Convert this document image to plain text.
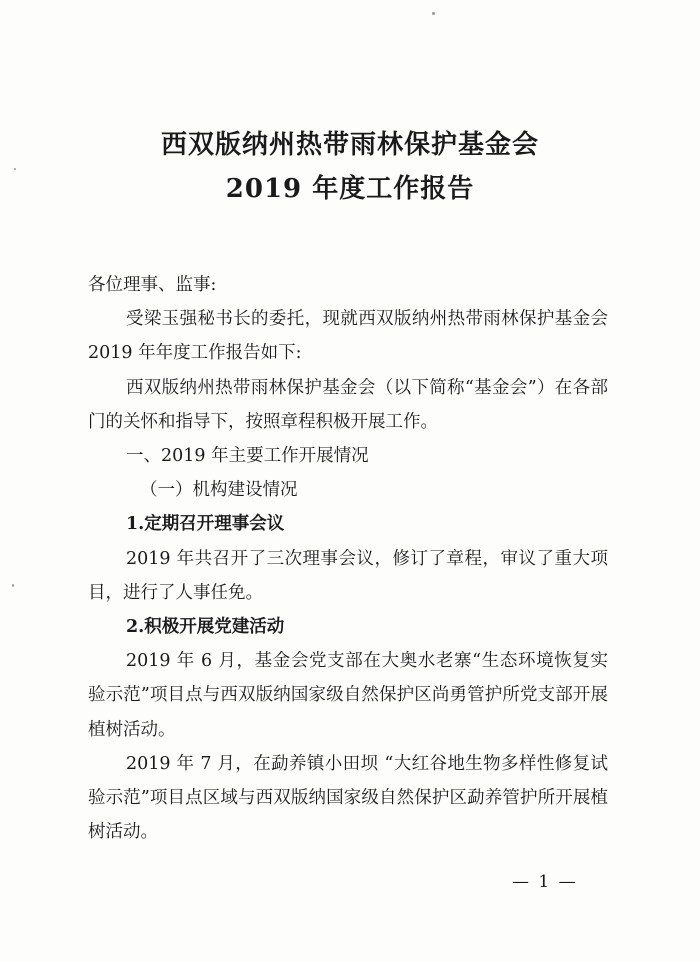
西双版纳州热带雨林保护基金会
2019 年度工作报告
各位理事、监事:
受梁玉强秘书长的委托，现就西双版纳州热带雨林保护基金会 2019 年年度工作报告如下:
西双版纳州热带雨林保护基金会（以下简称“基金会”）在各部门的关怀和指导下，按照章程积极开展工作。
一、2019 年主要工作开展情况
（一）机构建设情况
1.定期召开理事会议
2019 年共召开了三次理事会议，修订了章程，审议了重大项目，进行了人事任免。
2.积极开展党建活动
2019 年 6 月，基金会党支部在大奥水老寨“生态环境恢复实验示范”项目点与西双版纳国家级自然保护区尚勇管护所党支部开展植树活动。
2019 年 7 月，在勐养镇小田坝 “大红谷地生物多样性修复试验示范”项目点区域与西双版纳国家级自然保护区勐养管护所开展植树活动。
— 1 —
